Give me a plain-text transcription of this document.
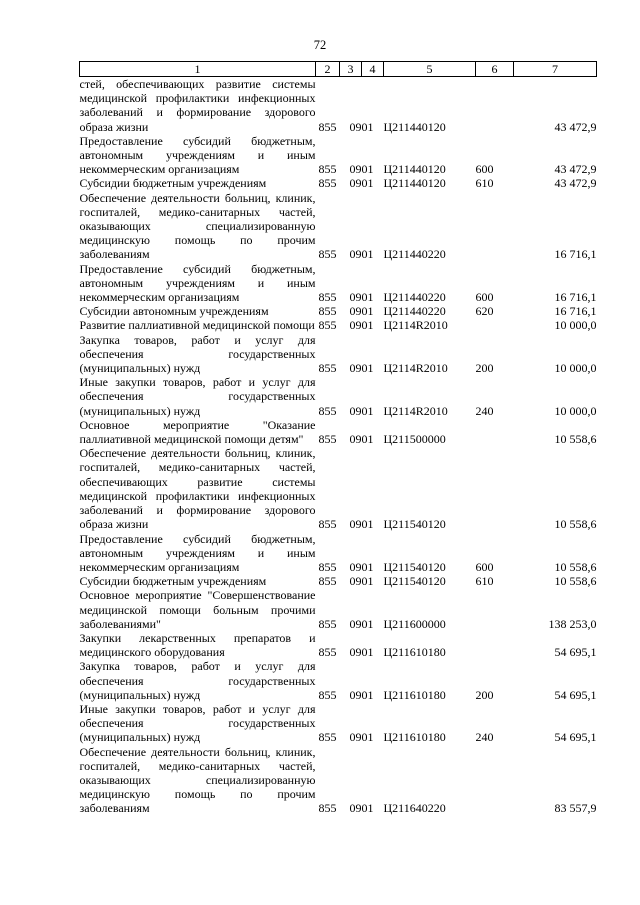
72
1	2	3	4	5	6	7
стей, обеспечивающих развитие системы медицинской профилактики инфекционных заболеваний и формирование здорового образа жизни	855	09	01	Ц211440120		43 472,9
Предоставление субсидий бюджетным, автономным учреждениям и иным некоммерческим организациям	855	09	01	Ц211440120	600	43 472,9
Субсидии бюджетным учреждениям	855	09	01	Ц211440120	610	43 472,9
Обеспечение деятельности больниц, клиник, госпиталей, медико-санитарных частей, оказывающих специализированную медицинскую помощь по прочим заболеваниям	855	09	01	Ц211440220		16 716,1
Предоставление субсидий бюджетным, автономным учреждениям и иным некоммерческим организациям	855	09	01	Ц211440220	600	16 716,1
Субсидии автономным учреждениям	855	09	01	Ц211440220	620	16 716,1
Развитие паллиативной медицинской помощи	855	09	01	Ц2114R2010		10 000,0
Закупка товаров, работ и услуг для обеспечения государственных (муниципальных) нужд	855	09	01	Ц2114R2010	200	10 000,0
Иные закупки товаров, работ и услуг для обеспечения государственных (муниципальных) нужд	855	09	01	Ц2114R2010	240	10 000,0
Основное мероприятие "Оказание паллиативной медицинской помощи детям"	855	09	01	Ц211500000		10 558,6
Обеспечение деятельности больниц, клиник, госпиталей, медико-санитарных частей, обеспечивающих развитие системы медицинской профилактики инфекционных заболеваний и формирование здорового образа жизни	855	09	01	Ц211540120		10 558,6
Предоставление субсидий бюджетным, автономным учреждениям и иным некоммерческим организациям	855	09	01	Ц211540120	600	10 558,6
Субсидии бюджетным учреждениям	855	09	01	Ц211540120	610	10 558,6
Основное мероприятие "Совершенствование медицинской помощи больным прочими заболеваниями"	855	09	01	Ц211600000		138 253,0
Закупки лекарственных препаратов и медицинского оборудования	855	09	01	Ц211610180		54 695,1
Закупка товаров, работ и услуг для обеспечения государственных (муниципальных) нужд	855	09	01	Ц211610180	200	54 695,1
Иные закупки товаров, работ и услуг для обеспечения государственных (муниципальных) нужд	855	09	01	Ц211610180	240	54 695,1
Обеспечение деятельности больниц, клиник, госпиталей, медико-санитарных частей, оказывающих специализированную медицинскую помощь по прочим заболеваниям	855	09	01	Ц211640220		83 557,9
